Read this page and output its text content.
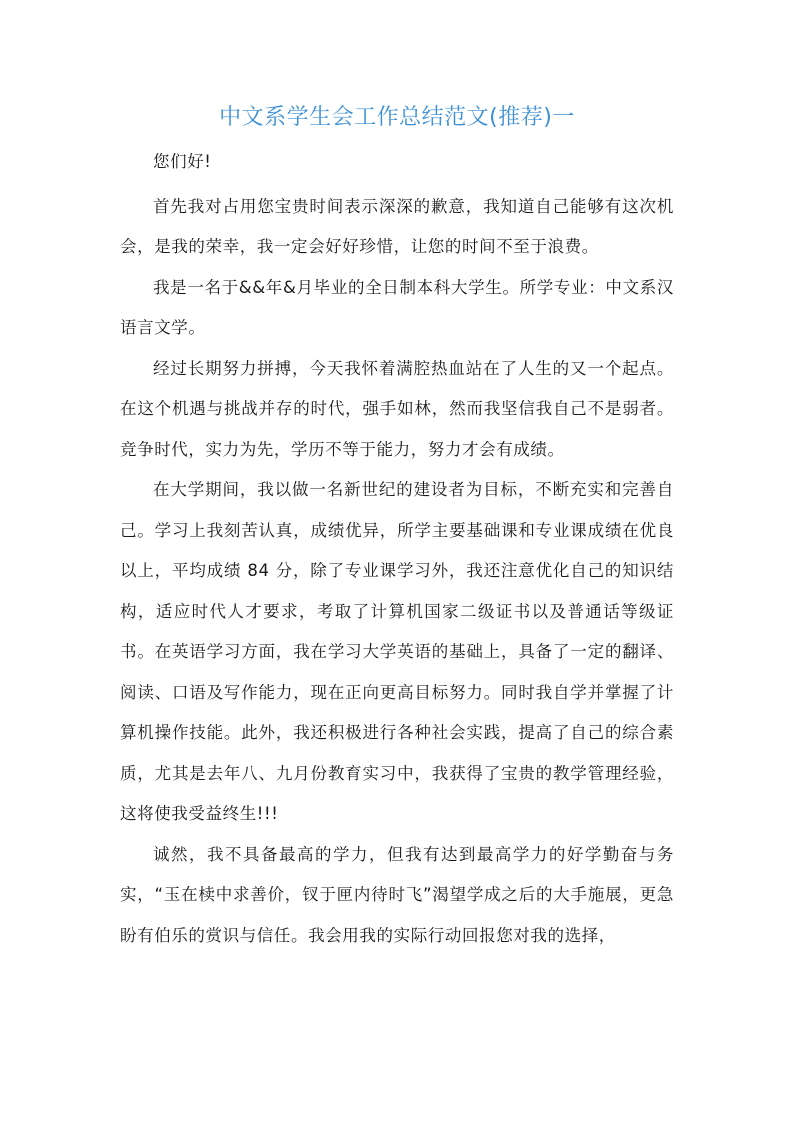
中文系学生会工作总结范文(推荐)一

您们好!

首先我对占用您宝贵时间表示深深的歉意，我知道自己能够有这次机会，是我的荣幸，我一定会好好珍惜，让您的时间不至于浪费。

我是一名于&&年&月毕业的全日制本科大学生。所学专业：中文系汉语言文学。

经过长期努力拼搏，今天我怀着满腔热血站在了人生的又一个起点。在这个机遇与挑战并存的时代，强手如林，然而我坚信我自己不是弱者。竞争时代，实力为先，学历不等于能力，努力才会有成绩。

在大学期间，我以做一名新世纪的建设者为目标，不断充实和完善自己。学习上我刻苦认真，成绩优异，所学主要基础课和专业课成绩在优良以上，平均成绩 84 分，除了专业课学习外，我还注意优化自己的知识结构，适应时代人才要求，考取了计算机国家二级证书以及普通话等级证书。在英语学习方面，我在学习大学英语的基础上，具备了一定的翻译、阅读、口语及写作能力，现在正向更高目标努力。同时我自学并掌握了计算机操作技能。此外，我还积极进行各种社会实践，提高了自己的综合素质，尤其是去年八、九月份教育实习中，我获得了宝贵的教学管理经验，这将使我受益终生!!!

诚然，我不具备最高的学力，但我有达到最高学力的好学勤奋与务实，“玉在椟中求善价，钗于匣内待时飞”渴望学成之后的大手施展，更急盼有伯乐的赏识与信任。我会用我的实际行动回报您对我的选择，
